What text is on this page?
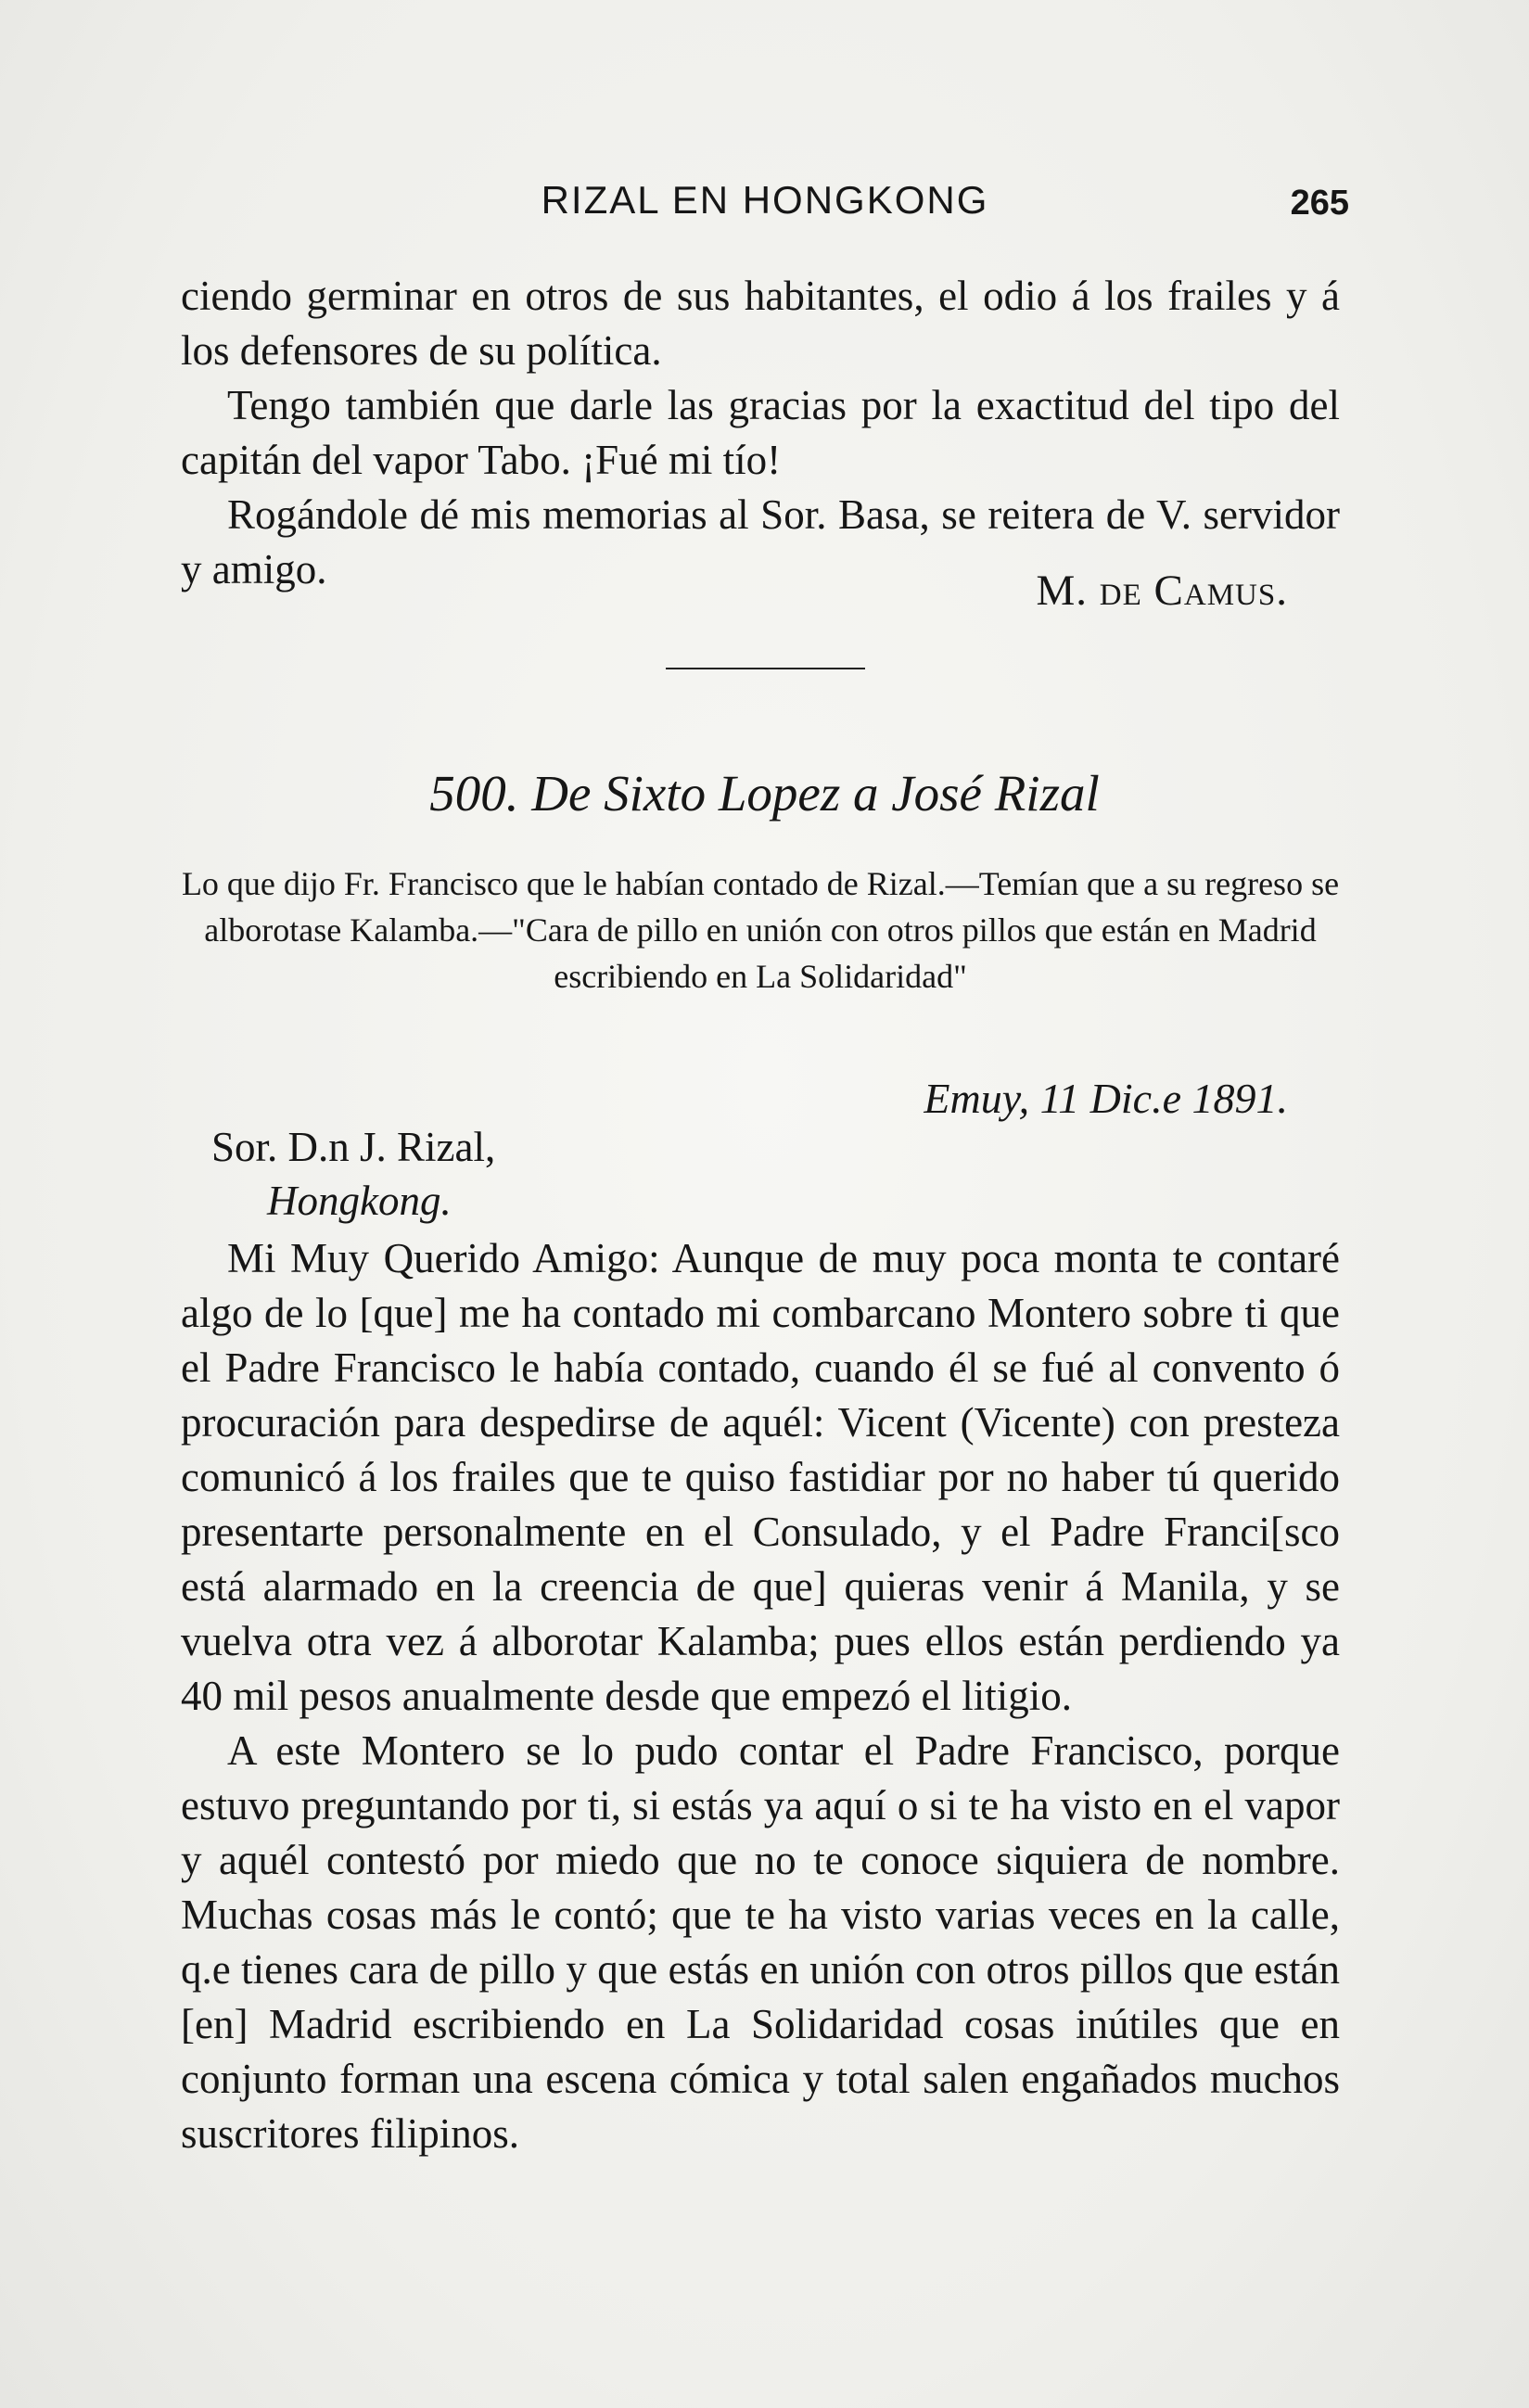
RIZAL EN HONGKONG	265

ciendo germinar en otros de sus habitantes, el odio á los frailes y á los defensores de su política.

Tengo también que darle las gracias por la exactitud del tipo del capitán del vapor Tabo. ¡Fué mi tío!

Rogándole dé mis memorias al Sor. Basa, se reitera de V. servidor y amigo.	M. de Camus.
500. De Sixto Lopez a José Rizal
Lo que dijo Fr. Francisco que le habían contado de Rizal.—Temían que a su regreso se alborotase Kalamba.—"Cara de pillo en unión con otros pillos que están en Madrid escribiendo en La Solidaridad"
Emuy, 11 Dic.e 1891.
Sor. D.n J. Rizal,
Hongkong.

Mi Muy Querido Amigo: Aunque de muy poca monta te contaré algo de lo [que] me ha contado mi combarcano Montero sobre ti que el Padre Francisco le había contado, cuando él se fué al convento ó procuración para despedirse de aquél: Vicent (Vicente) con presteza comunicó á los frailes que te quiso fastidiar por no haber tú querido presentarte personalmente en el Consulado, y el Padre Franci[sco está alarmado en la creencia de que] quieras venir á Manila, y se vuelva otra vez á alborotar Kalamba; pues ellos están perdiendo ya 40 mil pesos anualmente desde que empezó el litigio.

A este Montero se lo pudo contar el Padre Francisco, porque estuvo preguntando por ti, si estás ya aquí o si te ha visto en el vapor y aquél contestó por miedo que no te conoce siquiera de nombre. Muchas cosas más le contó; que te ha visto varias veces en la calle, q.e tienes cara de pillo y que estás en unión con otros pillos que están [en] Madrid escribiendo en La Solidaridad cosas inútiles que en conjunto forman una escena cómica y total salen engañados muchos suscritores filipinos.
